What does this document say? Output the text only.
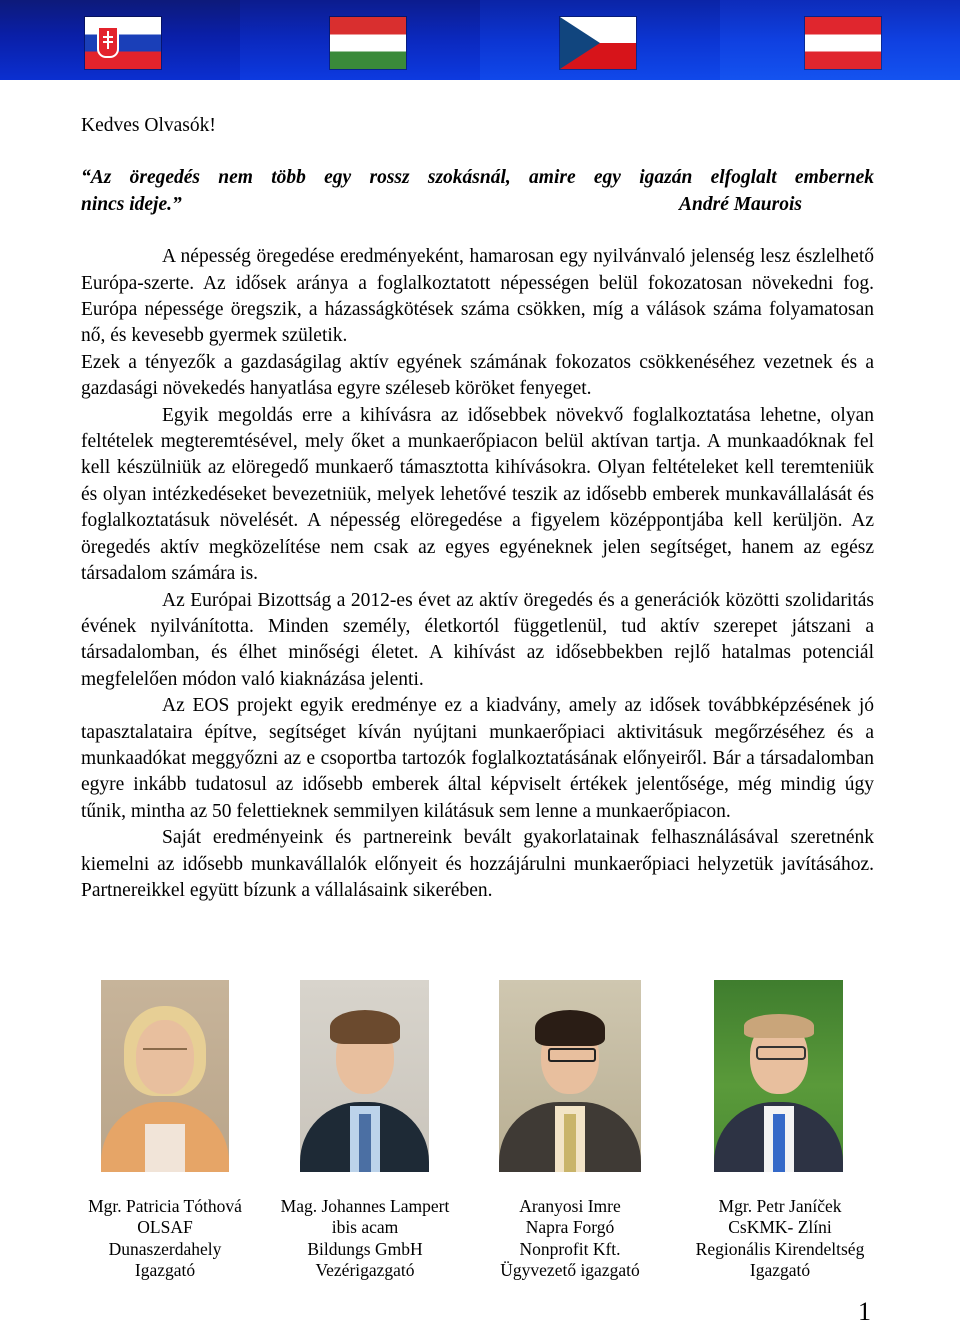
Kedves Olvasók!

“Az öregedés nem több egy rossz szokásnál, amire egy igazán elfoglalt embernek
nincs ideje.”	André Maurois

A népesség öregedése eredményeként, hamarosan egy nyilvánvaló jelenség lesz észlelhető Európa-szerte. Az idősek aránya a foglalkoztatott népességen belül fokozatosan növekedni fog. Európa népessége öregszik, a házasságkötések száma csökken, míg a válások száma folyamatosan nő, és kevesebb gyermek születik.

Ezek a tényezők a gazdaságilag aktív egyének számának fokozatos csökkenéséhez vezetnek és a gazdasági növekedés hanyatlása egyre széleseb köröket fenyeget.

Egyik megoldás erre a kihívásra az idősebbek növekvő foglalkoztatása lehetne, olyan feltételek megteremtésével, mely őket a munkaerőpiacon belül aktívan tartja. A munkaadóknak fel kell készülniük az elöregedő munkaerő támasztotta kihívásokra. Olyan feltételeket kell teremteniük és olyan intézkedéseket bevezetniük, melyek lehetővé teszik az idősebb emberek munkavállalását és foglalkoztatásuk növelését. A népesség elöregedése a figyelem középpontjába kell kerüljön. Az öregedés aktív megközelítése nem csak az egyes egyéneknek jelen segítséget, hanem az egész társadalom számára is.

Az Európai Bizottság a 2012-es évet az aktív öregedés és a generációk közötti szolidaritás évének nyilvánította. Minden személy, életkortól függetlenül, tud aktív szerepet játszani a társadalomban, és élhet minőségi életet. A kihívást az idősebbekben rejlő hatalmas potenciál megfelelően módon való kiaknázása jelenti.

Az EOS projekt egyik eredménye ez a kiadvány, amely az idősek továbbképzésének jó tapasztalataira építve, segítséget kíván nyújtani munkaerőpiaci aktivitásuk megőrzéséhez és a munkaadókat meggyőzni az e csoportba tartozók foglalkoztatásának előnyeiről. Bár a társadalomban egyre inkább tudatosul az idősebb emberek által képviselt értékek jelentősége, még mindig úgy tűnik, mintha az 50 felettieknek semmilyen kilátásuk sem lenne a munkaerőpiacon.

Saját eredményeink és partnereink bevált gyakorlatainak felhasználásával szeretnénk kiemelni az idősebb munkavállalók előnyeit és hozzájárulni munkaerőpiaci helyzetük javításához. Partnereikkel együtt bízunk a vállalásaink sikerében.

Mgr. Patricia Tóthová
OLSAF
Dunaszerdahely
Igazgató
Mag. Johannes Lampert
ibis acam
Bildungs GmbH
Vezérigazgató
Aranyosi Imre
Napra Forgó
Nonprofit Kft.
Ügyvezető igazgató
Mgr. Petr Janíček
CsKMK- Zlíni
Regionális Kirendeltség
Igazgató
1
